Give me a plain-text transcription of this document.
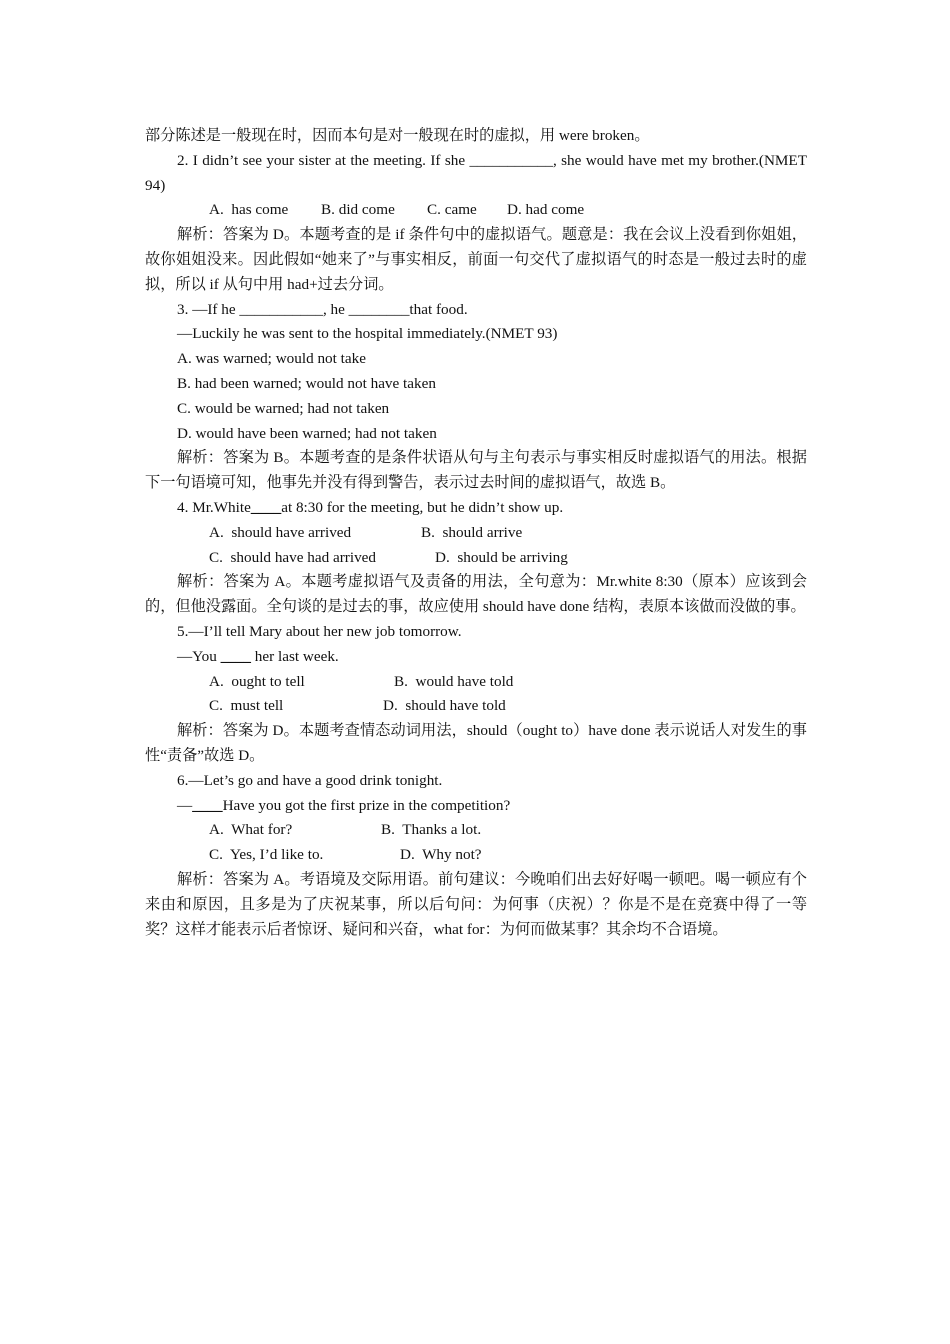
部分陈述是一般现在时，因而本句是对一般现在时的虚拟，用 were broken。

2. I didn’t see your sister at the meeting. If she ___________, she would have met my brother.(NMET 94)

A.  has come B. did come C. came D. had come

解析：答案为 D。本题考查的是 if 条件句中的虚拟语气。题意是：我在会议上没看到你姐姐，故你姐姐没来。因此假如“她来了”与事实相反，前面一句交代了虚拟语气的时态是一般过去时的虚拟，所以 if 从句中用 had+过去分词。

3. —If he ___________, he ________that food.

—Luckily he was sent to the hospital immediately.(NMET 93)

A. was warned; would not take

B. had been warned; would not have taken

C. would be warned; had not taken

D. would have been warned; had not taken

解析：答案为 B。本题考查的是条件状语从句与主句表示与事实相反时虚拟语气的用法。根据下一句语境可知，他事先并没有得到警告，表示过去时间的虚拟语气，故选 B。

4. Mr.White____at 8:30 for the meeting, but he didn’t show up.

A.  should have arrived	B.  should arrive

C.  should have had arrived	D.  should be arriving

解析：答案为 A。本题考虚拟语气及责备的用法，全句意为：Mr.white 8:30（原本）应该到会的，但他没露面。全句谈的是过去的事，故应使用 should have done 结构，表原本该做而没做的事。

5.—I’ll tell Mary about her new job tomorrow.

—You ____ her last week.

A.  ought to tell	B.  would have told

C.  must tell	D.  should have told

解析：答案为 D。本题考查情态动词用法，should（ought to）have done 表示说话人对发生的事性“责备”故选 D。

6.—Let’s go and have a good drink tonight.

—____Have you got the first prize in the competition?

A.  What for?	B.  Thanks a lot.

C.  Yes, I’d like to.	D.  Why not?

解析：答案为 A。考语境及交际用语。前句建议：今晚咱们出去好好喝一顿吧。喝一顿应有个来由和原因，且多是为了庆祝某事，所以后句问：为何事（庆祝）？你是不是在竞赛中得了一等奖？这样才能表示后者惊讶、疑问和兴奋，what for：为何而做某事？其余均不合语境。
